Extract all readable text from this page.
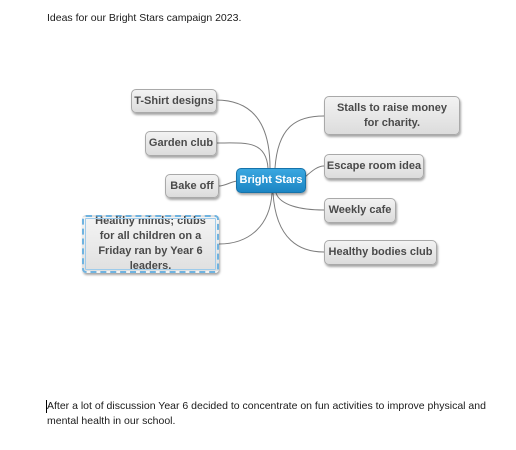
Ideas for our Bright Stars campaign 2023.
T-Shirt designs
Garden club
Bake off
Healthy minds; clubs for all children on a Friday ran by Year 6 leaders.
Bright Stars
Stalls to raise money for charity.
Escape room idea
Weekly cafe
Healthy bodies club
After a lot of discussion Year 6 decided to concentrate on fun activities to improve physical and mental health in our school.
